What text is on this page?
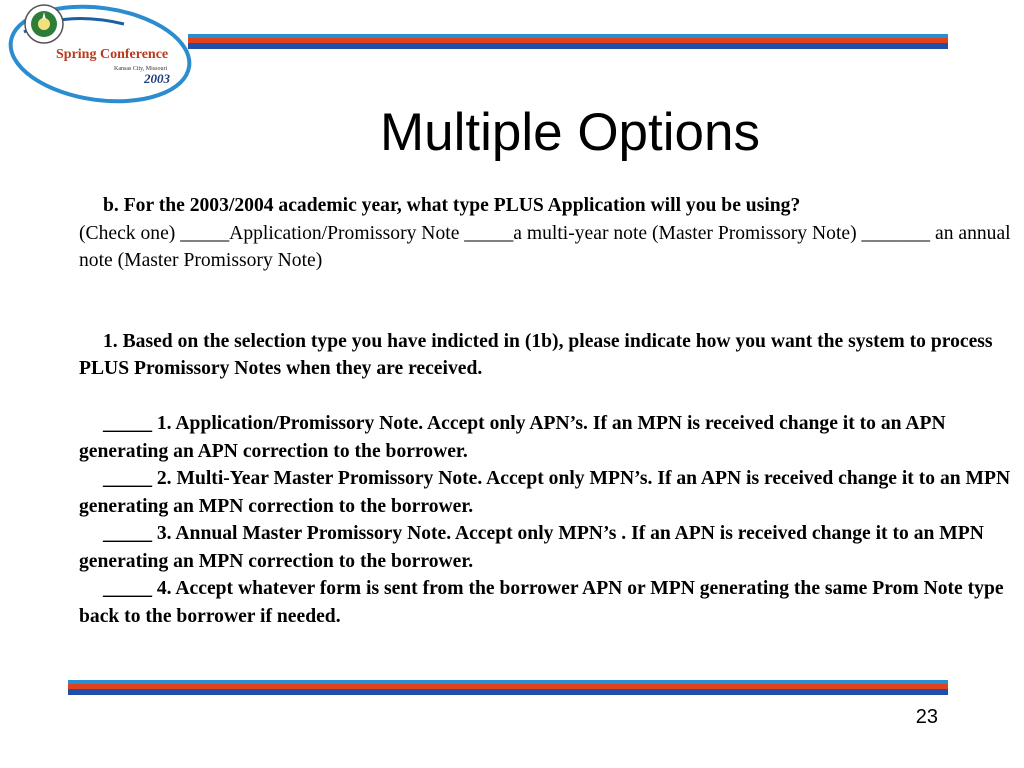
Spring Conference
Kansas City, Missouri
2003
Multiple Options

b. For the 2003/2004 academic year, what type PLUS Application will you be using?
(Check one) _____Application/Promissory Note _____a multi-year note (Master Promissory Note) _______ an annual note (Master Promissory Note)

1. Based on the selection type you have indicted in (1b), please indicate how you want the system to process PLUS Promissory Notes when they are received.

_____ 1. Application/Promissory Note. Accept only APN’s. If an MPN is received change it to an APN generating an APN correction to the borrower.

_____ 2. Multi-Year Master Promissory Note. Accept only MPN’s. If an APN is received change it to an MPN generating an MPN correction to the borrower.

_____ 3. Annual Master Promissory Note. Accept only MPN’s . If an APN is received change it to an MPN generating an MPN correction to the borrower.

_____ 4. Accept whatever form is sent from the borrower APN or MPN generating the same Prom Note type back to the borrower if needed.

23
